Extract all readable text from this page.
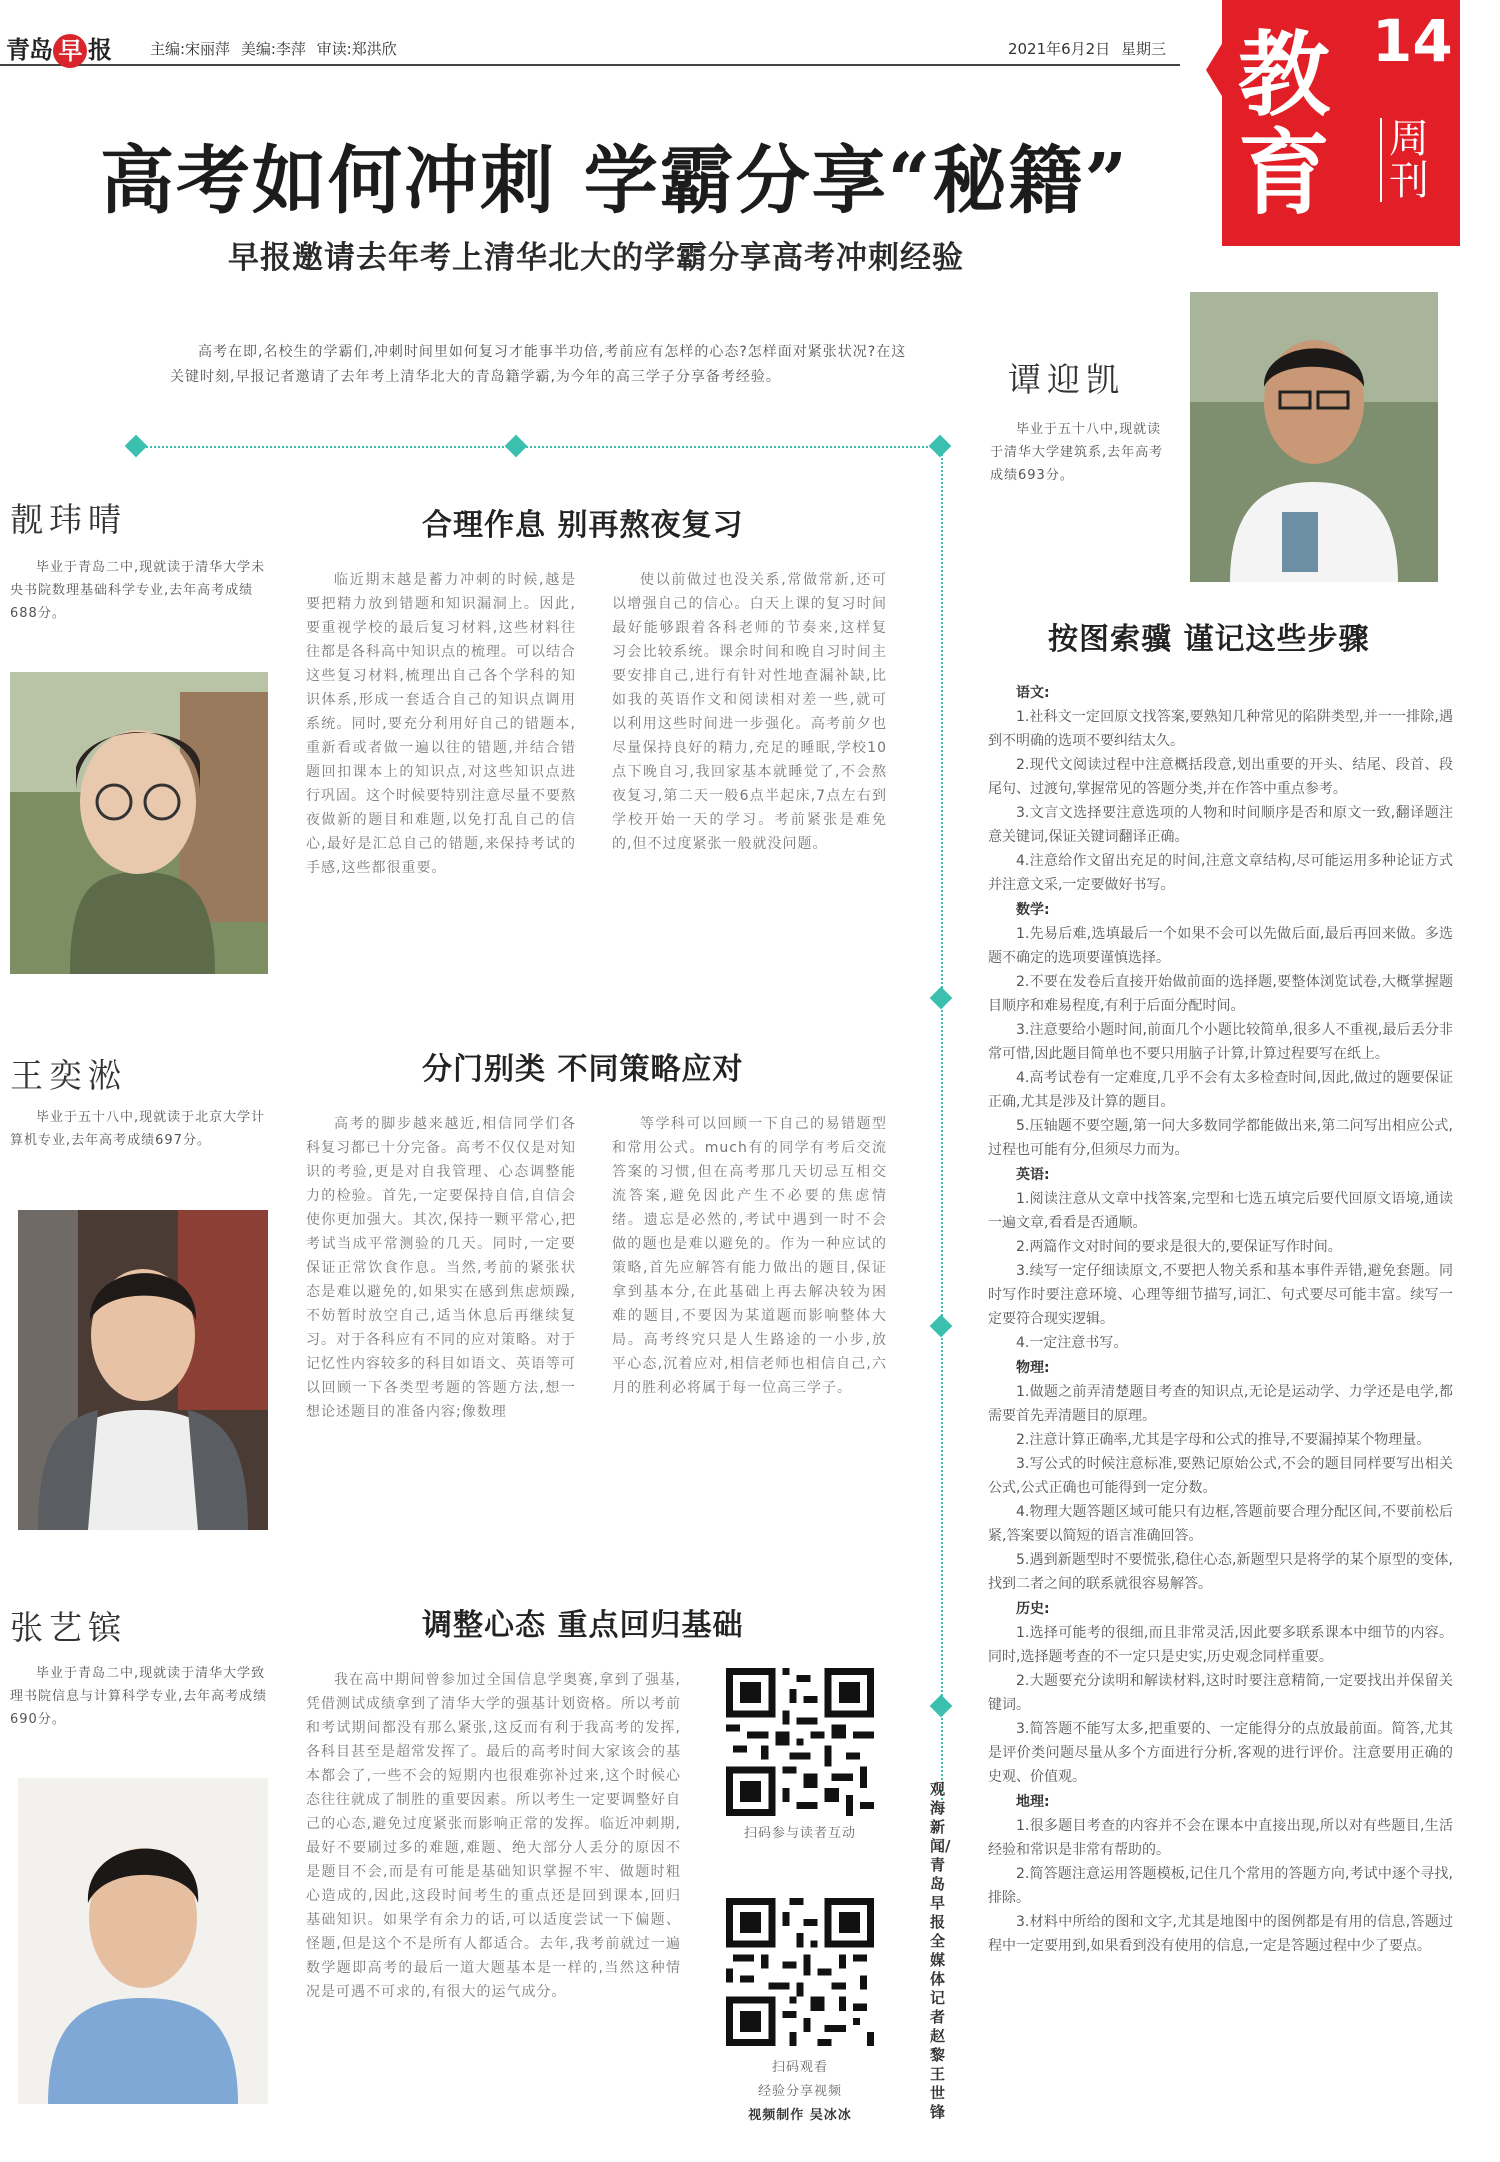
青岛 早 报	主编:宋丽萍 美编:李萍 审读:郑洪欣	2021年6月2日 星期三 教
育
14
周刊
高考如何冲刺 学霸分享“秘籍”
早报邀请去年考上清华北大的学霸分享高考冲刺经验
高考在即,名校生的学霸们,冲刺时间里如何复习才能事半功倍,考前应有怎样的心态?怎样面对紧张状况?在这关键时刻,早报记者邀请了去年考上清华北大的青岛籍学霸,为今年的高三学子分享备考经验。
靓玮晴
毕业于青岛二中,现就读于清华大学未央书院数理基础科学专业,去年高考成绩688分。
王奕淞
毕业于五十八中,现就读于北京大学计算机专业,去年高考成绩697分。
张艺镔
毕业于青岛二中,现就读于清华大学致理书院信息与计算科学专业,去年高考成绩690分。
谭迎凯
毕业于五十八中,现就读于清华大学建筑系,去年高考成绩693分。
合理作息 别再熬夜复习
临近期末越是蓄力冲刺的时候,越是要把精力放到错题和知识漏洞上。因此,要重视学校的最后复习材料,这些材料往往都是各科高中知识点的梳理。可以结合这些复习材料,梳理出自己各个学科的知识体系,形成一套适合自己的知识点调用系统。同时,要充分利用好自己的错题本,重新看或者做一遍以往的错题,并结合错题回扣课本上的知识点,对这些知识点进行巩固。这个时候要特别注意尽量不要熬夜做新的题目和难题,以免打乱自己的信心,最好是汇总自己的错题,来保持考试的手感,这些都很重要。
使以前做过也没关系,常做常新,还可以增强自己的信心。白天上课的复习时间最好能够跟着各科老师的节奏来,这样复习会比较系统。课余时间和晚自习时间主要安排自己,进行有针对性地查漏补缺,比如我的英语作文和阅读相对差一些,就可以利用这些时间进一步强化。高考前夕也尽量保持良好的精力,充足的睡眠,学校10点下晚自习,我回家基本就睡觉了,不会熬夜复习,第二天一般6点半起床,7点左右到学校开始一天的学习。考前紧张是难免的,但不过度紧张一般就没问题。
分门别类 不同策略应对
高考的脚步越来越近,相信同学们各科复习都已十分完备。高考不仅仅是对知识的考验,更是对自我管理、心态调整能力的检验。首先,一定要保持自信,自信会使你更加强大。其次,保持一颗平常心,把考试当成平常测验的几天。同时,一定要保证正常饮食作息。当然,考前的紧张状态是难以避免的,如果实在感到焦虑烦躁,不妨暂时放空自己,适当休息后再继续复习。对于各科应有不同的应对策略。对于记忆性内容较多的科目如语文、英语等可以回顾一下各类型考题的答题方法,想一想论述题目的准备内容;像数理
等学科可以回顾一下自己的易错题型和常用公式。much有的同学有考后交流答案的习惯,但在高考那几天切忌互相交流答案,避免因此产生不必要的焦虑情绪。遗忘是必然的,考试中遇到一时不会做的题也是难以避免的。作为一种应试的策略,首先应解答有能力做出的题目,保证拿到基本分,在此基础上再去解决较为困难的题目,不要因为某道题而影响整体大局。高考终究只是人生路途的一小步,放平心态,沉着应对,相信老师也相信自己,六月的胜利必将属于每一位高三学子。
调整心态 重点回归基础
我在高中期间曾参加过全国信息学奥赛,拿到了强基,凭借测试成绩拿到了清华大学的强基计划资格。所以考前和考试期间都没有那么紧张,这反而有利于我高考的发挥,各科目甚至是超常发挥了。最后的高考时间大家该会的基本都会了,一些不会的短期内也很难弥补过来,这个时候心态往往就成了制胜的重要因素。所以考生一定要调整好自己的心态,避免过度紧张而影响正常的发挥。临近冲刺期,最好不要刷过多的难题,难题、绝大部分人丢分的原因不是题目不会,而是有可能是基础知识掌握不牢、做题时粗心造成的,因此,这段时间考生的重点还是回到课本,回归基础知识。如果学有余力的话,可以适度尝试一下偏题、怪题,但是这个不是所有人都适合。去年,我考前就过一遍数学题即高考的最后一道大题基本是一样的,当然这种情况是可遇不可求的,有很大的运气成分。
扫码参与读者互动
扫码观看
经验分享视频
视频制作 吴冰冰
观海新闻/青岛早报全媒体记者 赵黎 王世锋
按图索骥 谨记这些步骤
语文:
1.社科文一定回原文找答案,要熟知几种常见的陷阱类型,并一一排除,遇到不明确的选项不要纠结太久。
2.现代文阅读过程中注意概括段意,划出重要的开头、结尾、段首、段尾句、过渡句,掌握常见的答题分类,并在作答中重点参考。
3.文言文选择要注意选项的人物和时间顺序是否和原文一致,翻译题注意关键词,保证关键词翻译正确。
4.注意给作文留出充足的时间,注意文章结构,尽可能运用多种论证方式并注意文采,一定要做好书写。
数学:
1.先易后难,选填最后一个如果不会可以先做后面,最后再回来做。多选题不确定的选项要谨慎选择。
2.不要在发卷后直接开始做前面的选择题,要整体浏览试卷,大概掌握题目顺序和难易程度,有利于后面分配时间。
3.注意要给小题时间,前面几个小题比较简单,很多人不重视,最后丢分非常可惜,因此题目简单也不要只用脑子计算,计算过程要写在纸上。
4.高考试卷有一定难度,几乎不会有太多检查时间,因此,做过的题要保证正确,尤其是涉及计算的题目。
5.压轴题不要空题,第一问大多数同学都能做出来,第二问写出相应公式,过程也可能有分,但须尽力而为。
英语:
1.阅读注意从文章中找答案,完型和七选五填完后要代回原文语境,通读一遍文章,看看是否通顺。
2.两篇作文对时间的要求是很大的,要保证写作时间。
3.续写一定仔细读原文,不要把人物关系和基本事件弄错,避免套题。同时写作时要注意环境、心理等细节描写,词汇、句式要尽可能丰富。续写一定要符合现实逻辑。
4.一定注意书写。
物理:
1.做题之前弄清楚题目考查的知识点,无论是运动学、力学还是电学,都需要首先弄清题目的原理。
2.注意计算正确率,尤其是字母和公式的推导,不要漏掉某个物理量。
3.写公式的时候注意标准,要熟记原始公式,不会的题目同样要写出相关公式,公式正确也可能得到一定分数。
4.物理大题答题区域可能只有边框,答题前要合理分配区间,不要前松后紧,答案要以简短的语言准确回答。
5.遇到新题型时不要慌张,稳住心态,新题型只是将学的某个原型的变体,找到二者之间的联系就很容易解答。
历史:
1.选择可能考的很细,而且非常灵活,因此要多联系课本中细节的内容。同时,选择题考查的不一定只是史实,历史观念同样重要。
2.大题要充分读明和解读材料,这时时要注意精简,一定要找出并保留关键词。
3.简答题不能写太多,把重要的、一定能得分的点放最前面。简答,尤其是评价类问题尽量从多个方面进行分析,客观的进行评价。注意要用正确的史观、价值观。
地理:
1.很多题目考查的内容并不会在课本中直接出现,所以对有些题目,生活经验和常识是非常有帮助的。
2.简答题注意运用答题模板,记住几个常用的答题方向,考试中逐个寻找,排除。
3.材料中所给的图和文字,尤其是地图中的图例都是有用的信息,答题过程中一定要用到,如果看到没有使用的信息,一定是答题过程中少了要点。
